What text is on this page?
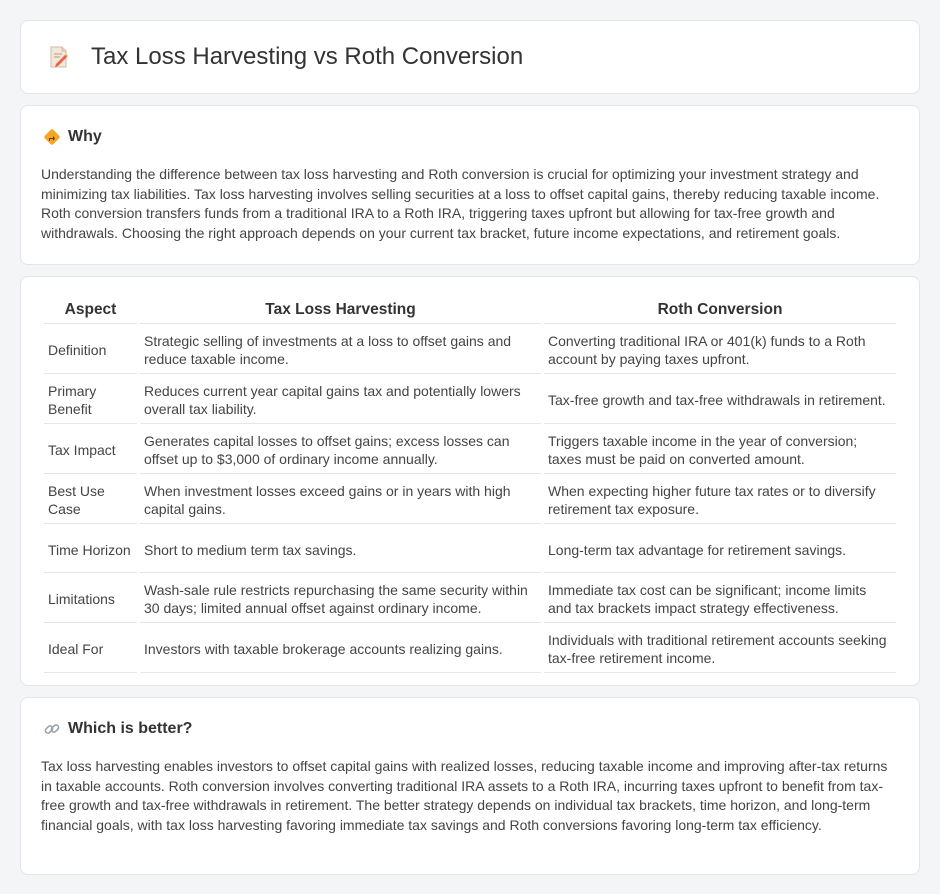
Tax Loss Harvesting vs Roth Conversion
Why

Understanding the difference between tax loss harvesting and Roth conversion is crucial for optimizing your investment strategy and minimizing tax liabilities. Tax loss harvesting involves selling securities at a loss to offset capital gains, thereby reducing taxable income. Roth conversion transfers funds from a traditional IRA to a Roth IRA, triggering taxes upfront but allowing for tax-free growth and withdrawals. Choosing the right approach depends on your current tax bracket, future income expectations, and retirement goals.

Aspect	Tax Loss Harvesting	Roth Conversion
Definition	Strategic selling of investments at a loss to offset gains and reduce taxable income.	Converting traditional IRA or 401(k) funds to a Roth account by paying taxes upfront.
Primary Benefit	Reduces current year capital gains tax and potentially lowers overall tax liability.	Tax-free growth and tax-free withdrawals in retirement.
Tax Impact	Generates capital losses to offset gains; excess losses can offset up to $3,000 of ordinary income annually.	Triggers taxable income in the year of conversion; taxes must be paid on converted amount.
Best Use Case	When investment losses exceed gains or in years with high capital gains.	When expecting higher future tax rates or to diversify retirement tax exposure.
Time Horizon	Short to medium term tax savings.	Long-term tax advantage for retirement savings.
Limitations	Wash-sale rule restricts repurchasing the same security within 30 days; limited annual offset against ordinary income.	Immediate tax cost can be significant; income limits and tax brackets impact strategy effectiveness.
Ideal For	Investors with taxable brokerage accounts realizing gains.	Individuals with traditional retirement accounts seeking tax-free retirement income.
Which is better?

Tax loss harvesting enables investors to offset capital gains with realized losses, reducing taxable income and improving after-tax returns in taxable accounts. Roth conversion involves converting traditional IRA assets to a Roth IRA, incurring taxes upfront to benefit from tax-free growth and tax-free withdrawals in retirement. The better strategy depends on individual tax brackets, time horizon, and long-term financial goals, with tax loss harvesting favoring immediate tax savings and Roth conversions favoring long-term tax efficiency.
